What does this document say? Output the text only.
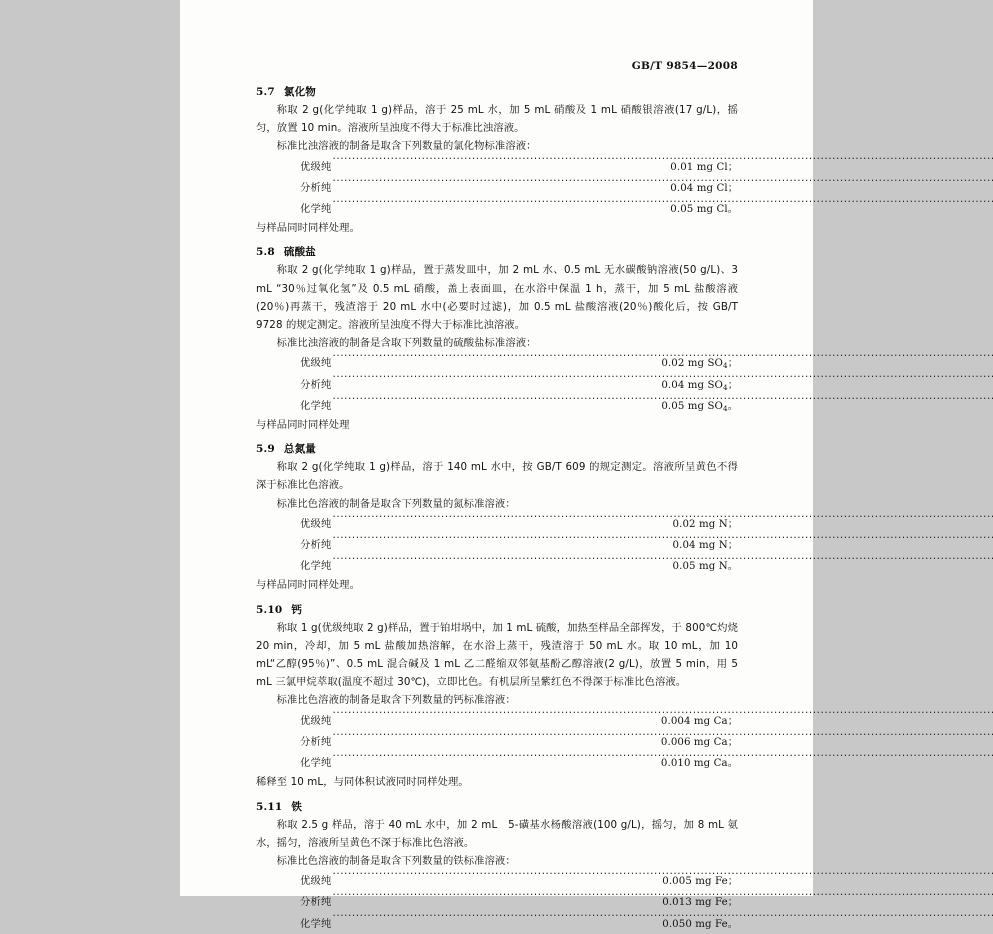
GB/T 9854—2008
5.7 氯化物

称取 2 g(化学纯取 1 g)样品，溶于 25 mL 水，加 5 mL 硝酸及 1 mL 硝酸银溶液(17 g/L)，摇匀，放置 10 min。溶液所呈浊度不得大于标准比浊溶液。

标准比浊溶液的制备是取含下列数量的氯化物标准溶液：

优级纯 ·····	0.01 mg Cl；
分析纯 ·····	0.04 mg Cl；
化学纯 ·····	0.05 mg Cl。
与样品同时同样处理。
5.8 硫酸盐

称取 2 g(化学纯取 1 g)样品，置于蒸发皿中，加 2 mL 水、0.5 mL 无水碳酸钠溶液(50 g/L)、3 mL “30％过氧化氢”及 0.5 mL 硝酸，盖上表面皿，在水浴中保温 1 h，蒸干，加 5 mL 盐酸溶液(20％)再蒸干，残渣溶于 20 mL 水中(必要时过滤)，加 0.5 mL 盐酸溶液(20％)酸化后，按 GB/T 9728 的规定测定。溶液所呈浊度不得大于标准比浊溶液。

标准比浊溶液的制备是含取下列数量的硫酸盐标准溶液：

优级纯 ·····	0.02 mg $SO_4$；
分析纯 ·····	0.04 mg $SO_4$；
化学纯 ·····	0.05 mg $SO_4$。
与样品同时同样处理
5.9 总氮量

称取 2 g(化学纯取 1 g)样品，溶于 140 mL 水中，按 GB/T 609 的规定测定。溶液所呈黄色不得深于标准比色溶液。

标准比色溶液的制备是取含下列数量的氮标准溶液：

优级纯 ·····	0.02 mg N；
分析纯 ·····	0.04 mg N；
化学纯 ·····	0.05 mg N。
与样品同时同样处理。
5.10 钙

称取 1 g(优级纯取 2 g)样品，置于铂坩埚中，加 1 mL 硫酸，加热至样品全部挥发，于 800℃灼烧 20 min，冷却，加 5 mL 盐酸加热溶解，在水浴上蒸干，残渣溶于 50 mL 水。取 10 mL，加 10 mL“乙醇(95％)”、0.5 mL 混合碱及 1 mL 乙二醛缩双邻氨基酚乙醇溶液(2 g/L)，放置 5 min，用 5 mL 三氯甲烷萃取(温度不超过 30℃)，立即比色。有机层所呈紫红色不得深于标准比色溶液。

标准比色溶液的制备是取含下列数量的钙标准溶液：

优级纯 ·····	0.004 mg Ca；
分析纯 ·····	0.006 mg Ca；
化学纯 ·····	0.010 mg Ca。
稀释至 10 mL，与同体积试液同时同样处理。
5.11 铁

称取 2.5 g 样品，溶于 40 mL 水中，加 2 mL　5-磺基水杨酸溶液(100 g/L)，摇匀，加 8 mL 氨水，摇匀，溶液所呈黄色不深于标准比色溶液。

标准比色溶液的制备是取含下列数量的铁标准溶液：

优级纯 ·····	0.005 mg Fe；
分析纯 ·····	0.013 mg Fe；
化学纯 ·····	0.050 mg Fe。
